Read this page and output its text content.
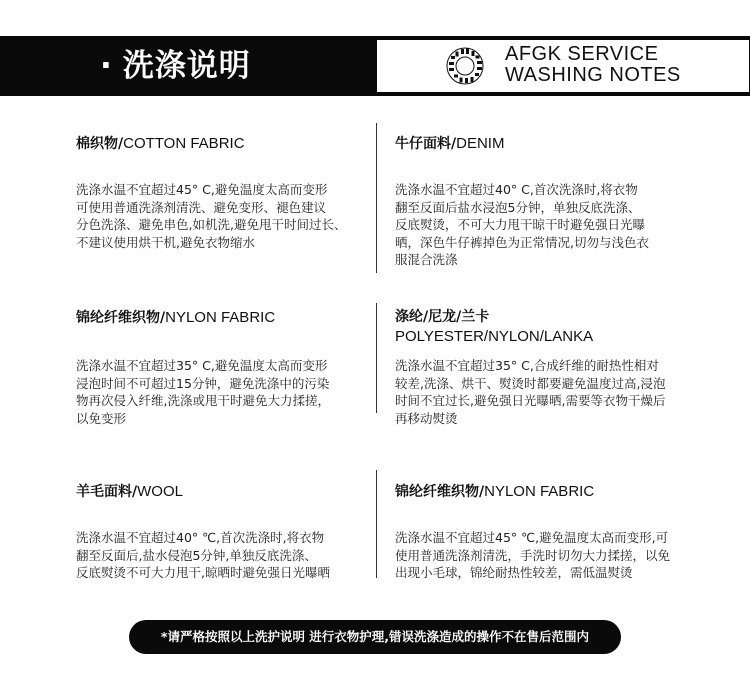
· 洗涤说明	AFGK SERVICE
WASHING NOTES
棉织物/COTTON FABRIC
洗涤水温不宜超过45° C,避免温度太高而变形
可使用普通洗涤剂清洗、避免变形、褪色建议
分色洗涤、避免串色,如机洗,避免甩干时间过长、
不建议使用烘干机,避免衣物缩水
牛仔面料/DENIM
洗涤水温不宜超过40° C,首次洗涤时,将衣物
翻至反面后盐水浸泡5分钟，单独反底洗涤、
反底熨烫，不可大力甩干晾干时避免强日光曝
晒，深色牛仔裤掉色为正常情况,切勿与浅色衣
服混合洗涤
锦纶纤维织物/NYLON FABRIC
洗涤水温不宜超过35° C,避免温度太高而变形
浸泡时间不可超过15分钟，避免洗涤中的污染
物再次侵入纤维,洗涤或甩干时避免大力揉搓，
以免变形
涤纶/尼龙/兰卡
POLYESTER/NYLON/LANKA
洗涤水温不宜超过35° C,合成纤维的耐热性相对
较差,洗涤、烘干、熨烫时都要避免温度过高,浸泡
时间不宜过长,避免强日光曝晒,需要等衣物干燥后
再移动熨烫
羊毛面料/WOOL
洗涤水温不宜超过40° ℃,首次洗涤时,将衣物
翻至反面后,盐水侵泡5分钟,单独反底洗涤、
反底熨烫不可大力甩干,晾晒时避免强日光曝晒
锦纶纤维织物/NYLON FABRIC
洗涤水温不宜超过45° ℃,避免温度太高而变形,可
使用普通洗涤剂清洗，手洗时切勿大力揉搓，以免
出现小毛球，锦纶耐热性较差，需低温熨烫
*请严格按照以上洗护说明 进行衣物护理,错误洗涤造成的操作不在售后范围内
